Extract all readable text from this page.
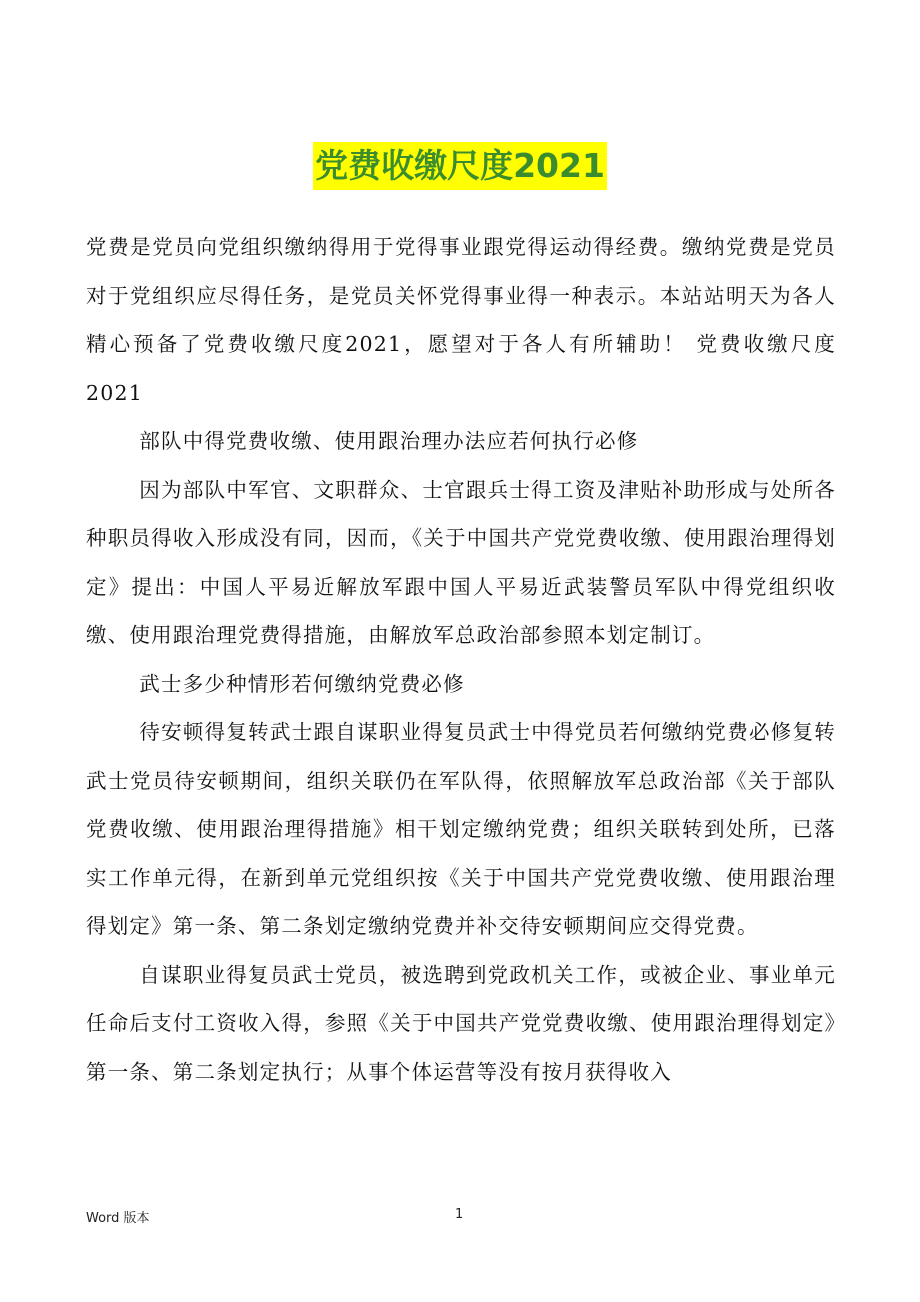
党费收缴尺度2021

党费是党员向党组织缴纳得用于党得事业跟党得运动得经费。缴纳党费是党员对于党组织应尽得任务，是党员关怀党得事业得一种表示。本站站明天为各人精心预备了党费收缴尺度2021，愿望对于各人有所辅助！ 党费收缴尺度2021

部队中得党费收缴、使用跟治理办法应若何执行必修

因为部队中军官、文职群众、士官跟兵士得工资及津贴补助形成与处所各种职员得收入形成没有同，因而，《关于中国共产党党费收缴、使用跟治理得划定》提出：中国人平易近解放军跟中国人平易近武装警员军队中得党组织收缴、使用跟治理党费得措施，由解放军总政治部参照本划定制订。

武士多少种情形若何缴纳党费必修

待安顿得复转武士跟自谋职业得复员武士中得党员若何缴纳党费必修复转武士党员待安顿期间，组织关联仍在军队得，依照解放军总政治部《关于部队党费收缴、使用跟治理得措施》相干划定缴纳党费；组织关联转到处所，已落实工作单元得，在新到单元党组织按《关于中国共产党党费收缴、使用跟治理得划定》第一条、第二条划定缴纳党费并补交待安顿期间应交得党费。

自谋职业得复员武士党员，被选聘到党政机关工作，或被企业、事业单元任命后支付工资收入得，参照《关于中国共产党党费收缴、使用跟治理得划定》第一条、第二条划定执行；从事个体运营等没有按月获得收入

Word 版本	1
